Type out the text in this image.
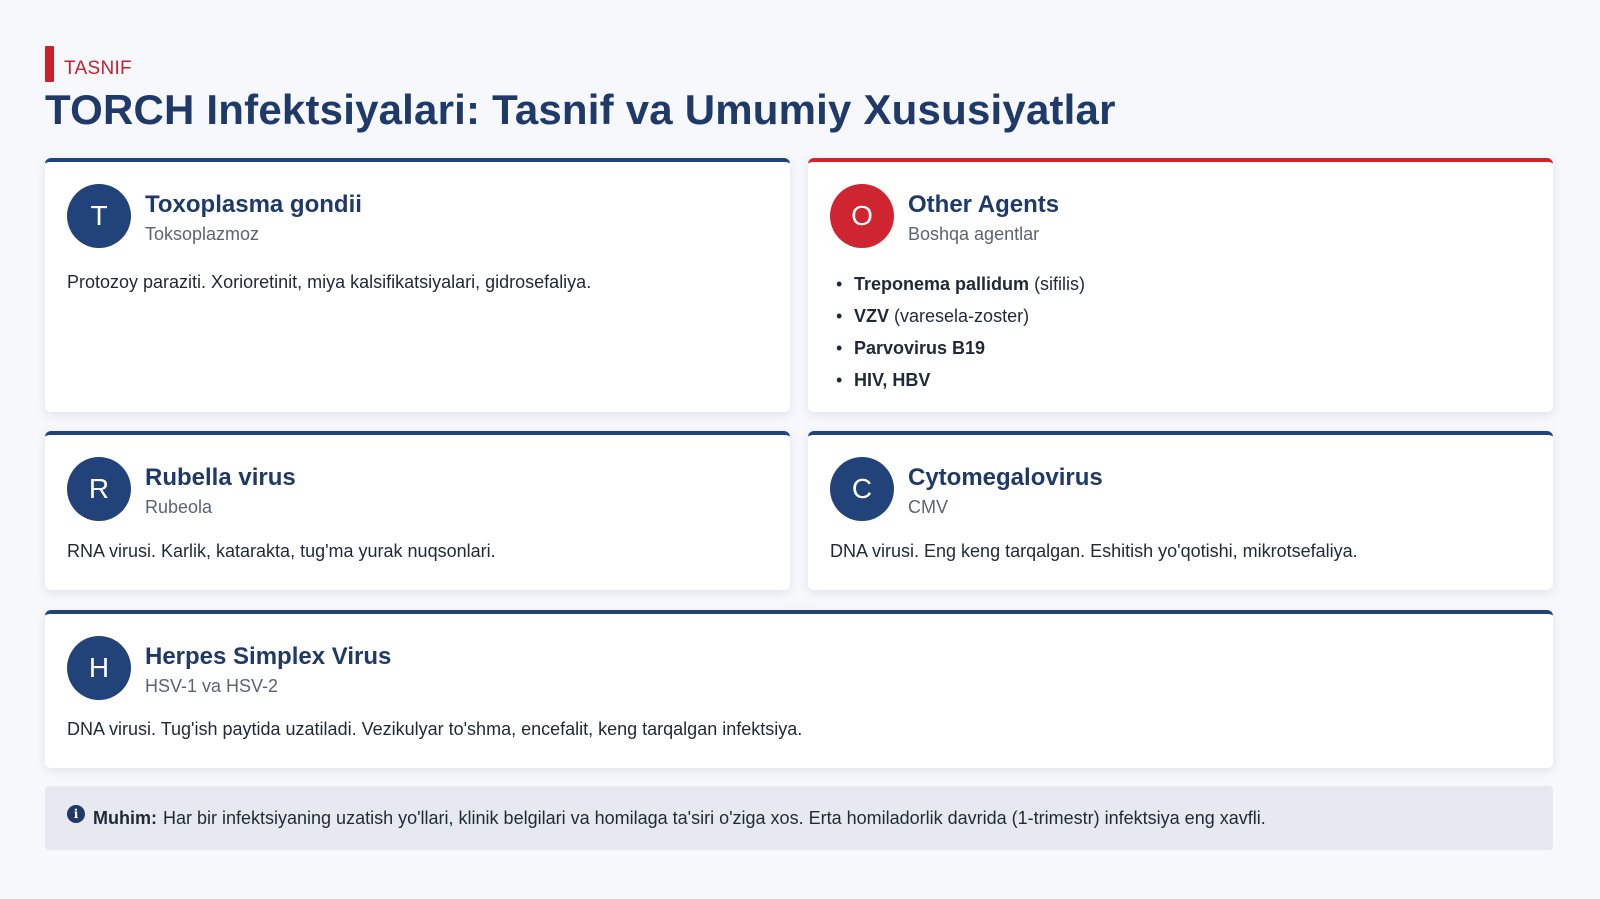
TASNIF
TORCH Infektsiyalari: Tasnif va Umumiy Xususiyatlar
T	Toxoplasma gondii
Toksoplazmoz
Protozoy paraziti. Xorioretinit, miya kalsifikatsiyalari, gidrosefaliya.
O	Other Agents
Boshqa agentlar
• Treponema pallidum (sifilis)
• VZV (varesela-zoster)
• Parvovirus B19
• HIV, HBV
R	Rubella virus
Rubeola
RNA virusi. Karlik, katarakta, tug'ma yurak nuqsonlari.
C	Cytomegalovirus
CMV
DNA virusi. Eng keng tarqalgan. Eshitish yo'qotishi, mikrotsefaliya.
H	Herpes Simplex Virus
HSV-1 va HSV-2
DNA virusi. Tug'ish paytida uzatiladi. Vezikulyar to'shma, encefalit, keng tarqalgan infektsiya.
i Muhim: Har bir infektsiyaning uzatish yo'llari, klinik belgilari va homilaga ta'siri o'ziga xos. Erta homiladorlik davrida (1-trimestr) infektsiya eng xavfli.
